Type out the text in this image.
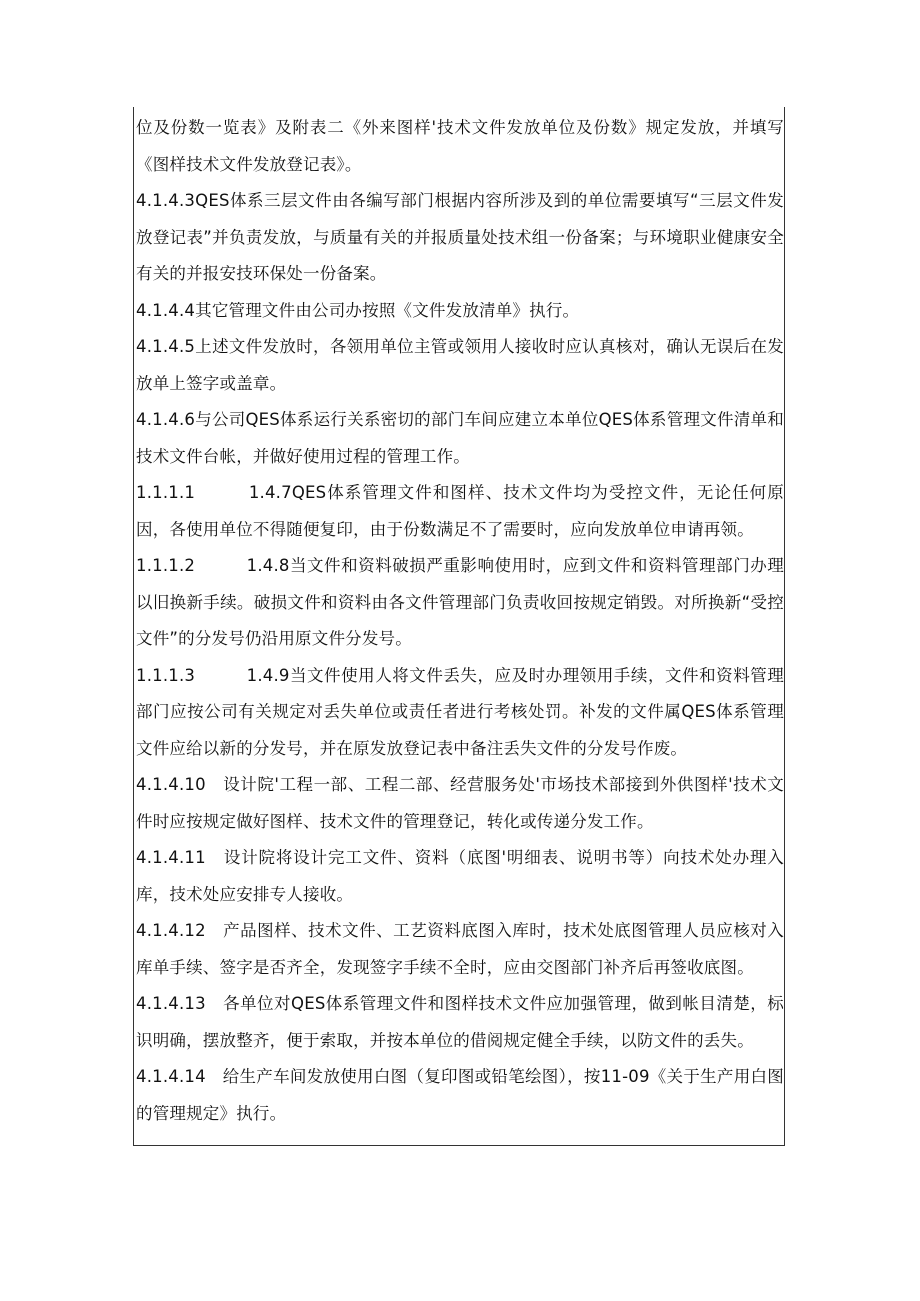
位及份数一览表》及附表二《外来图样'技术文件发放单位及份数》规定发放，并填写《图样技术文件发放登记表》。

4.1.4.3QES体系三层文件由各编写部门根据内容所涉及到的单位需要填写“三层文件发放登记表”并负责发放，与质量有关的并报质量处技术组一份备案；与环境职业健康安全有关的并报安技环保处一份备案。

4.1.4.4其它管理文件由公司办按照《文件发放清单》执行。

4.1.4.5上述文件发放时，各领用单位主管或领用人接收时应认真核对，确认无误后在发放单上签字或盖章。

4.1.4.6与公司QES体系运行关系密切的部门车间应建立本单位QES体系管理文件清单和技术文件台帐，并做好使用过程的管理工作。

1.1.1.1　　　1.4.7QES体系管理文件和图样、技术文件均为受控文件，无论任何原因，各使用单位不得随便复印，由于份数满足不了需要时，应向发放单位申请再领。

1.1.1.2　　　1.4.8当文件和资料破损严重影响使用时，应到文件和资料管理部门办理以旧换新手续。破损文件和资料由各文件管理部门负责收回按规定销毁。对所换新“受控文件”的分发号仍沿用原文件分发号。

1.1.1.3　　　1.4.9当文件使用人将文件丢失，应及时办理领用手续，文件和资料管理部门应按公司有关规定对丢失单位或责任者进行考核处罚。补发的文件属QES体系管理文件应给以新的分发号，并在原发放登记表中备注丢失文件的分发号作废。

4.1.4.10　设计院'工程一部、工程二部、经营服务处'市场技术部接到外供图样'技术文件时应按规定做好图样、技术文件的管理登记，转化或传递分发工作。

4.1.4.11　设计院将设计完工文件、资料（底图'明细表、说明书等）向技术处办理入库，技术处应安排专人接收。

4.1.4.12　产品图样、技术文件、工艺资料底图入库时，技术处底图管理人员应核对入库单手续、签字是否齐全，发现签字手续不全时，应由交图部门补齐后再签收底图。

4.1.4.13　各单位对QES体系管理文件和图样技术文件应加强管理，做到帐目清楚，标识明确，摆放整齐，便于索取，并按本单位的借阅规定健全手续，以防文件的丢失。

4.1.4.14　给生产车间发放使用白图（复印图或铅笔绘图），按11-09《关于生产用白图的管理规定》执行。
